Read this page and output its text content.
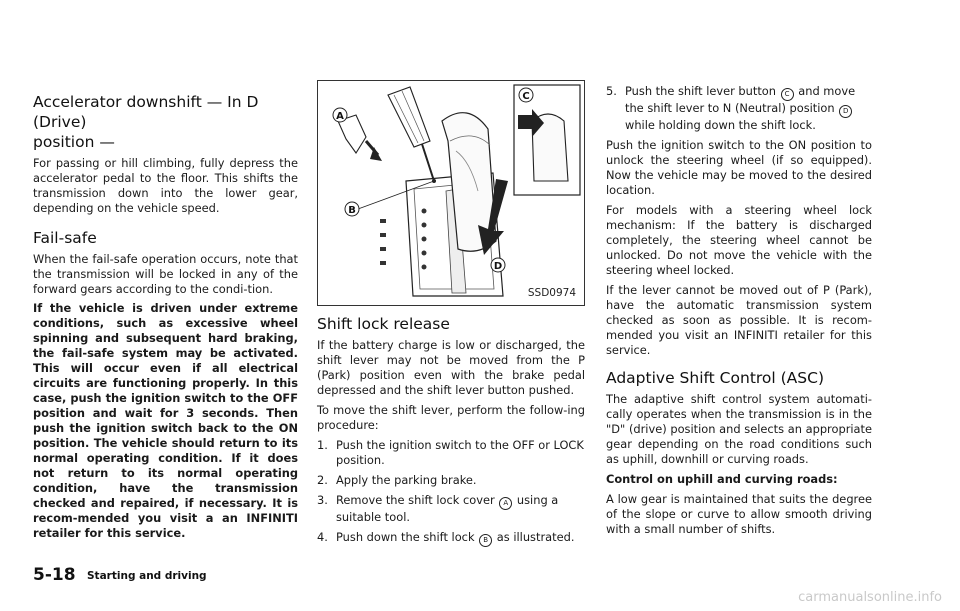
Accelerator downshift — In D (Drive)
position —

For passing or hill climbing, fully depress the accelerator pedal to the floor. This shifts the transmission down into the lower gear, depending on the vehicle speed.

Fail-safe

When the fail-safe operation occurs, note that the transmission will be locked in any of the forward gears according to the condi-tion.

If the vehicle is driven under extreme conditions, such as excessive wheel spinning and subsequent hard braking, the fail-safe system may be activated. This will occur even if all electrical circuits are functioning properly. In this case, push the ignition switch to the OFF position and wait for 3 seconds. Then push the ignition switch back to the ON position. The vehicle should return to its normal operating condition. If it does not return to its normal operating condition, have the transmission checked and repaired, if necessary. It is recom-mended you visit a an INFINITI retailer for this service.

A
B
C
D
SSD0974
Shift lock release

If the battery charge is low or discharged, the shift lever may not be moved from the P (Park) position even with the brake pedal depressed and the shift lever button pushed.

To move the shift lever, perform the follow-ing procedure:

1. Push the ignition switch to the OFF or LOCK position.
2. Apply the parking brake.
3. Remove the shift lock cover A using a suitable tool.
4. Push down the shift lock B as illustrated.
5. Push the shift lever button C and move the shift lever to N (Neutral) position D while holding down the shift lock.

Push the ignition switch to the ON position to unlock the steering wheel (if so equipped). Now the vehicle may be moved to the desired location.

For models with a steering wheel lock mechanism: If the battery is discharged completely, the steering wheel cannot be unlocked. Do not move the vehicle with the steering wheel locked.

If the lever cannot be moved out of P (Park), have the automatic transmission system checked as soon as possible. It is recom-mended you visit an INFINITI retailer for this service.

Adaptive Shift Control (ASC)

The adaptive shift control system automati-cally operates when the transmission is in the "D" (drive) position and selects an appropriate gear depending on the road conditions such as uphill, downhill or curving roads.

Control on uphill and curving roads:

A low gear is maintained that suits the degree of the slope or curve to allow smooth driving with a small number of shifts.

5-18 Starting and driving
carmanualsonline.info
